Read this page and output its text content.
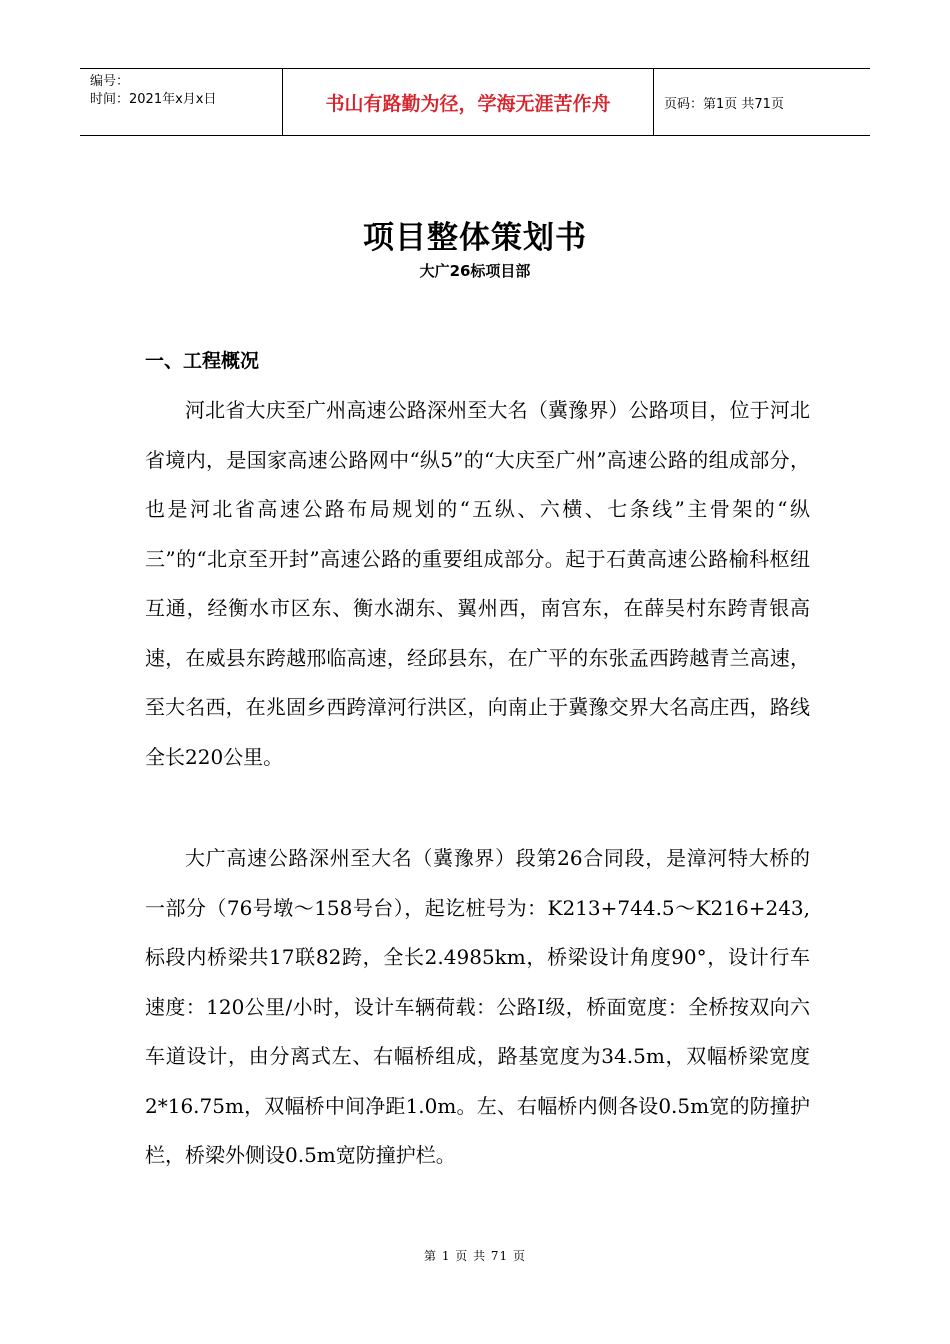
编号：
时间：2021年x月x日	书山有路勤为径，学海无涯苦作舟	页码：第1页 共71页
项目整体策划书
大广26标项目部
一、工程概况

河北省大庆至广州高速公路深州至大名（冀豫界）公路项目，位于河北省境内，是国家高速公路网中“纵5”的“大庆至广州”高速公路的组成部分，也是河北省高速公路布局规划的“五纵、六横、七条线”主骨架的“纵三”的“北京至开封”高速公路的重要组成部分。起于石黄高速公路榆科枢纽互通，经衡水市区东、衡水湖东、翼州西，南宫东，在薛吴村东跨青银高速，在威县东跨越邢临高速，经邱县东，在广平的东张孟西跨越青兰高速，至大名西，在兆固乡西跨漳河行洪区，向南止于冀豫交界大名高庄西，路线全长220公里。

大广高速公路深州至大名（冀豫界）段第26合同段，是漳河特大桥的一部分（76号墩～158号台），起讫桩号为：K213+744.5～K216+243,标段内桥梁共17联82跨，全长2.4985km，桥梁设计角度90°，设计行车速度：120公里/小时，设计车辆荷载：公路Ⅰ级，桥面宽度：全桥按双向六车道设计，由分离式左、右幅桥组成，路基宽度为34.5m，双幅桥梁宽度2*16.75m，双幅桥中间净距1.0m。左、右幅桥内侧各设0.5m宽的防撞护栏，桥梁外侧设0.5m宽防撞护栏。

第 1 页 共 71 页
